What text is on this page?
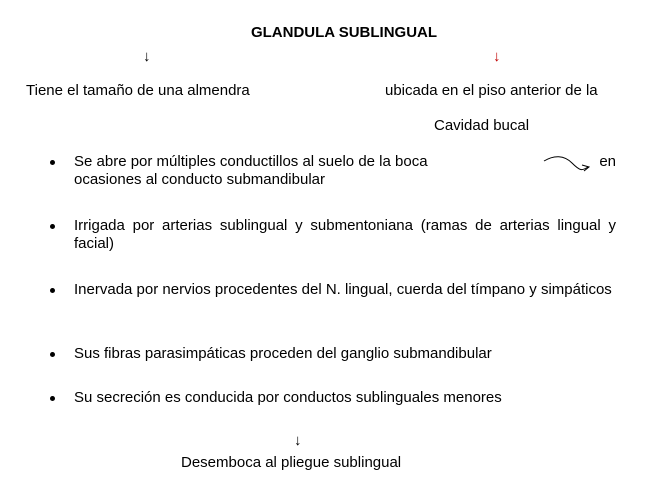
GLANDULA SUBLINGUAL
↓	↓
Tiene el tamaño de una almendra	ubicada en el piso anterior de la
Cavidad bucal
Se abre por múltiples conductillos al suelo de la boca	en
ocasiones al conducto submandibular
Irrigada por arterias sublingual y submentoniana (ramas de arterias lingual y facial)
Inervada por nervios procedentes del N. lingual, cuerda del tímpano y simpáticos
Sus fibras parasimpáticas proceden del ganglio submandibular
Su secreción es conducida por conductos sublinguales menores
↓
Desemboca al pliegue sublingual
